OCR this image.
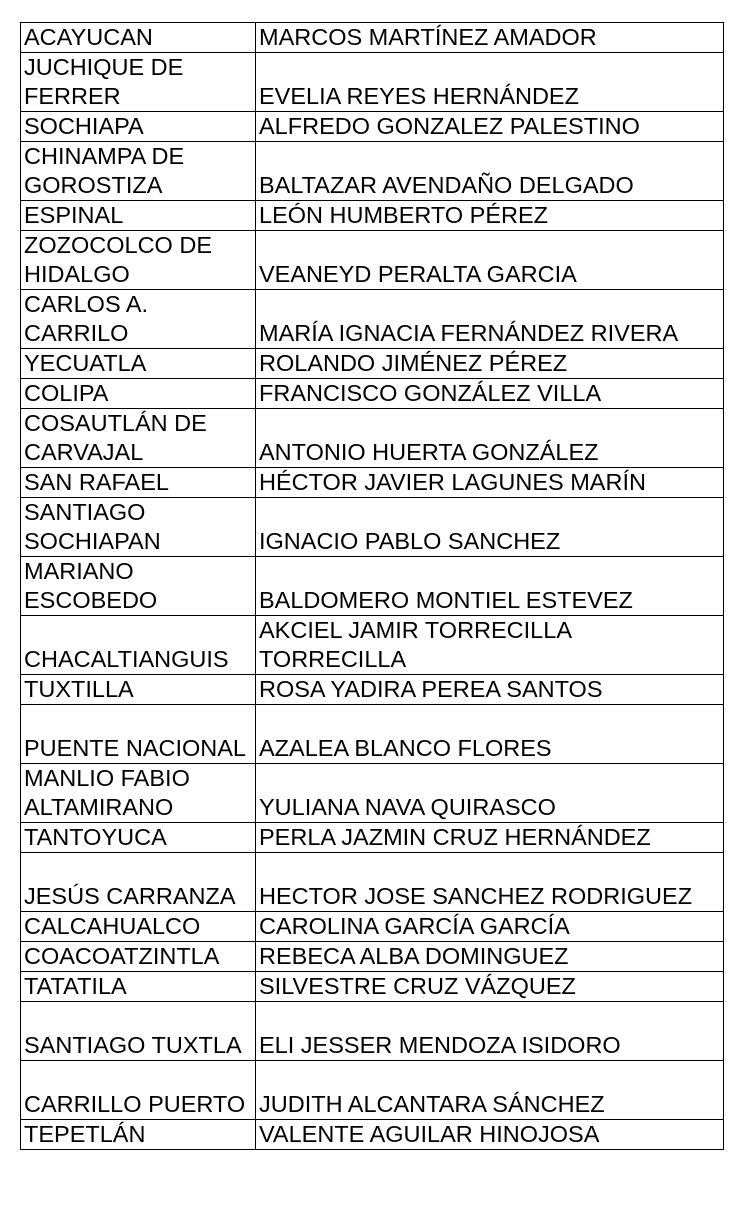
ACAYUCAN	MARCOS MARTÍNEZ AMADOR
JUCHIQUE DE FERRER	EVELIA REYES HERNÁNDEZ
SOCHIAPA	ALFREDO GONZALEZ PALESTINO
CHINAMPA DE GOROSTIZA	BALTAZAR AVENDAÑO DELGADO
ESPINAL	LEÓN HUMBERTO PÉREZ
ZOZOCOLCO DE HIDALGO	VEANEYD PERALTA GARCIA
CARLOS A. CARRILO	MARÍA IGNACIA FERNÁNDEZ RIVERA
YECUATLA	ROLANDO JIMÉNEZ PÉREZ
COLIPA	FRANCISCO GONZÁLEZ VILLA
COSAUTLÁN DE CARVAJAL	ANTONIO HUERTA GONZÁLEZ
SAN RAFAEL	HÉCTOR JAVIER LAGUNES MARÍN
SANTIAGO SOCHIAPAN	IGNACIO PABLO SANCHEZ
MARIANO ESCOBEDO	BALDOMERO MONTIEL ESTEVEZ
CHACALTIANGUIS	AKCIEL JAMIR TORRECILLA TORRECILLA
TUXTILLA	ROSA YADIRA PEREA SANTOS
PUENTE NACIONAL	AZALEA BLANCO FLORES
MANLIO FABIO ALTAMIRANO	YULIANA NAVA QUIRASCO
TANTOYUCA	PERLA JAZMIN CRUZ HERNÁNDEZ
JESÚS CARRANZA	HECTOR JOSE SANCHEZ RODRIGUEZ
CALCAHUALCO	CAROLINA GARCÍA GARCÍA
COACOATZINTLA	REBECA ALBA DOMINGUEZ
TATATILA	SILVESTRE CRUZ VÁZQUEZ
SANTIAGO TUXTLA	ELI JESSER MENDOZA ISIDORO
CARRILLO PUERTO	JUDITH ALCANTARA SÁNCHEZ
TEPETLÁN	VALENTE AGUILAR HINOJOSA
